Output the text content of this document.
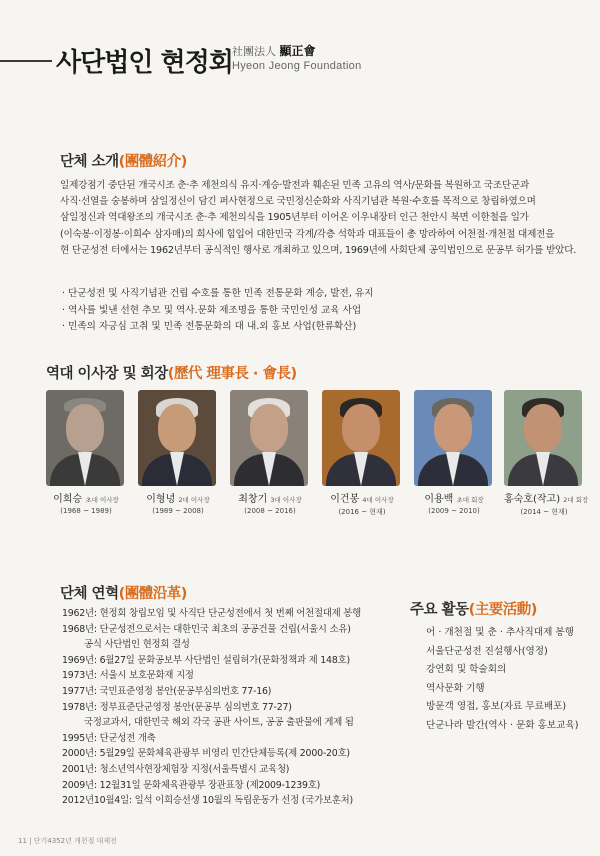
사단법인 현정회 社團法人 顯正會
Hyeon Jeong Foundation
단체 소개(團體紹介)

일제강점기 중단된 개국시조 춘·추 제천의식 유지·계승·발전과 훼손된 민족 고유의 역사/문화를 복원하고 국조단군과

사직·선열을 숭봉하며 삼일정신이 담긴 퍼사현정으로 국민정신순화와 사직기념관 복원·수호를 목적으로 창립하였으며

삼일정신과 역대왕조의 개국시조 춘·추 제천의식을 1905년부터 이어온 이우내장터 인근 천안시 북면 이한철을 일가

(이숙봉·이정봉·이희수 삼자매)의 희사에 힘입어 대한민국 각계/각층 석학과 대표들이 총 망라하여 어천절·개천절 대제전을

현 단군성전 터에서는 1962년부터 공식적인 행사로 개최하고 있으며, 1969년에 사회단체 공익법인으로 문공부 허가를 받았다.

· 단군성전 및 사직기념관 건립 수호를 통한 민족 전통문화 계승, 발전, 유지
· 역사를 빛낸 선현 추모 및 역사.문화 제조명을 통한 국민인성 교육 사업
· 민족의 자긍심 고취 및 민족 전통문화의 대 내.외 홍보 사업(한류확산)
역대 이사장 및 회장(歷代 理事長 · 會長)
이희승 초대 이사장
(1968 ~ 1989)
이형녕 2대 이사장
(1989 ~ 2008)
최창기 3대 이사장
(2008 ~ 2016)
이건봉 4대 이사장
(2016 ~ 현재)
이용백 초대 회장
(2009 ~ 2010)
홍숙호(작고) 2대 회장
(2014 ~ 현재)
단체 연혁(團體沿革)
1962년: 현정회 창립모임 및 사직단 단군성전에서 첫 번째 어천절대제 봉행
1968년: 단군성전으로서는 대한민국 최초의 공공건물 건립(서울시 소유)
공식 사단법인 현정회 결성
1969년: 6월27일 문화공보부 사단법인 설립허가(문화정책과 제 148호)
1973년: 서울시 보호문화재 지정
1977년: 국민표준영정 봉안(문공부심의번호 77-16)
1978년: 정부표준단군영정 봉안(문공부 심의번호 77-27)
국정교과서, 대한민국 해외 각국 공관 사이트, 공공 출판물에 게제 됨
1995년: 단군성전 개축
2000년: 5월29일 문화체육관광부 비영리 민간단체등록(제 2000-20호)
2001년: 청소년역사현장체험장 지정(서울특별시 교육청)
2009년: 12월31일 문화체육관광부 장관표창 (제2009-1239호)
2012년10월4일: 일석 이희승선생 10월의 독립운동가 선정 (국가보훈처)
주요 활동(主要活動)
어 · 개천절 및 춘 · 추사직대제 봉행
서울단군성전 진설행사(영정)
강연회 및 학술회의
역사문화 기행
방문객 영접, 홍보(자료 무료배포)
단군나라 발간(역사 · 문화 홍보교육)
11 | 단기4352년 개천절 대제전
